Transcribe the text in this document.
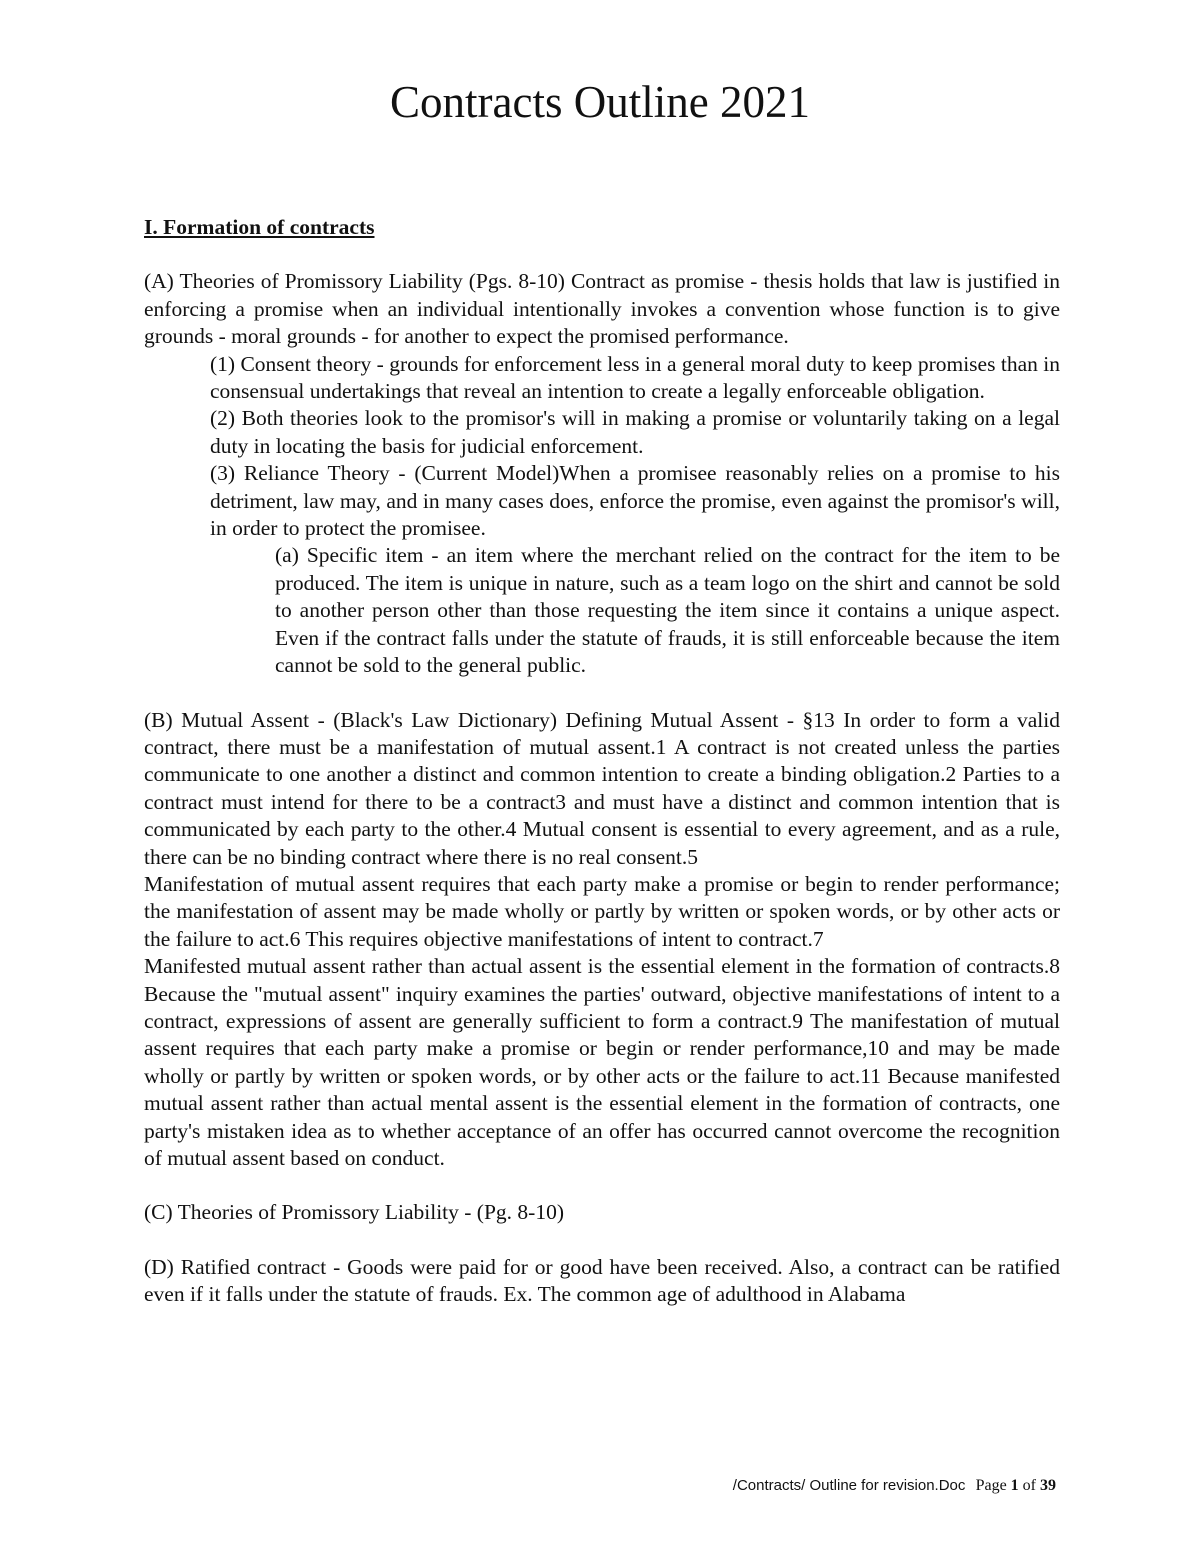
Contracts Outline 2021
I. Formation of contracts

(A) Theories of Promissory Liability (Pgs. 8-10) Contract as promise - thesis holds that law is justified in enforcing a promise when an individual intentionally invokes a convention whose function is to give grounds - moral grounds - for another to expect the promised performance.

(1) Consent theory - grounds for enforcement less in a general moral duty to keep promises than in consensual undertakings that reveal an intention to create a legally enforceable obligation.

(2) Both theories look to the promisor's will in making a promise or voluntarily taking on a legal duty in locating the basis for judicial enforcement.

(3) Reliance Theory - (Current Model)When a promisee reasonably relies on a promise to his detriment, law may, and in many cases does, enforce the promise, even against the promisor's will, in order to protect the promisee.

(a) Specific item - an item where the merchant relied on the contract for the item to be produced. The item is unique in nature, such as a team logo on the shirt and cannot be sold to another person other than those requesting the item since it contains a unique aspect. Even if the contract falls under the statute of frauds, it is still enforceable because the item cannot be sold to the general public.

(B) Mutual Assent - (Black's Law Dictionary) Defining Mutual Assent - §13 In order to form a valid contract, there must be a manifestation of mutual assent.1 A contract is not created unless the parties communicate to one another a distinct and common intention to create a binding obligation.2 Parties to a contract must intend for there to be a contract3 and must have a distinct and common intention that is communicated by each party to the other.4 Mutual consent is essential to every agreement, and as a rule, there can be no binding contract where there is no real consent.5

Manifestation of mutual assent requires that each party make a promise or begin to render performance; the manifestation of assent may be made wholly or partly by written or spoken words, or by other acts or the failure to act.6 This requires objective manifestations of intent to contract.7

Manifested mutual assent rather than actual assent is the essential element in the formation of contracts.8 Because the "mutual assent" inquiry examines the parties' outward, objective manifestations of intent to a contract, expressions of assent are generally sufficient to form a contract.9 The manifestation of mutual assent requires that each party make a promise or begin or render performance,10 and may be made wholly or partly by written or spoken words, or by other acts or the failure to act.11 Because manifested mutual assent rather than actual mental assent is the essential element in the formation of contracts, one party's mistaken idea as to whether acceptance of an offer has occurred cannot overcome the recognition of mutual assent based on conduct.

(C) Theories of Promissory Liability - (Pg. 8-10)

(D) Ratified contract - Goods were paid for or good have been received. Also, a contract can be ratified even if it falls under the statute of frauds. Ex. The common age of adulthood in Alabama

/Contracts/ Outline for revision.Doc Page 1 of 39
